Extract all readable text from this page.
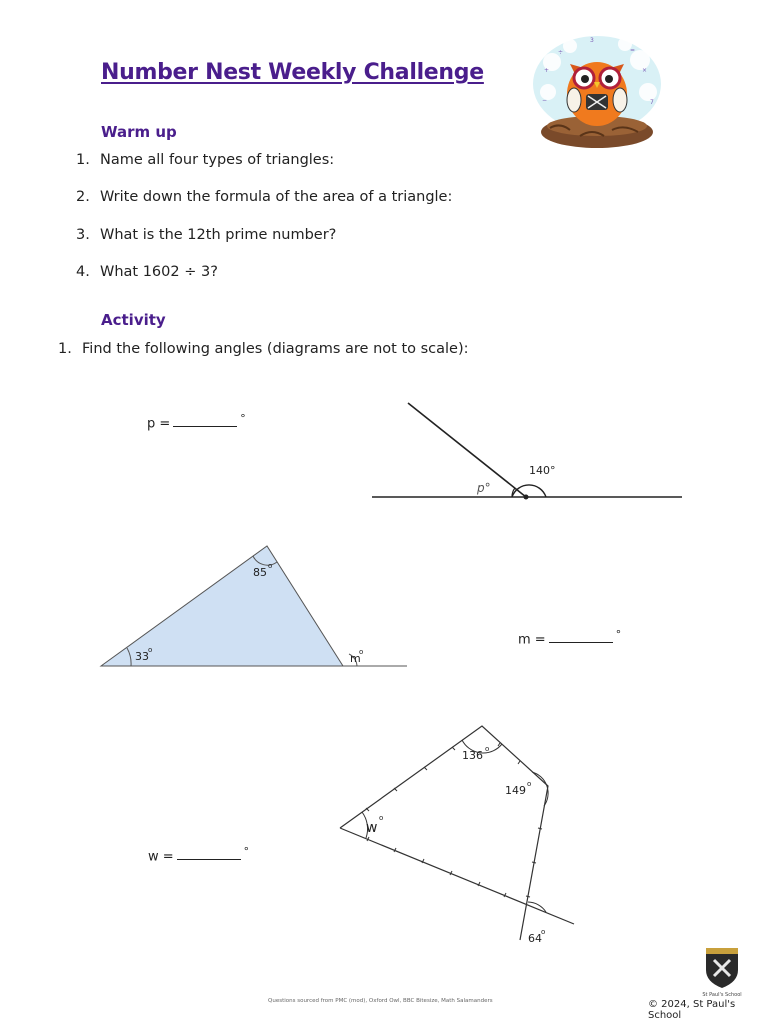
Number Nest Weekly Challenge	+	×
÷	=
−	7
3
Warm up
1. Name all four types of triangles:
2. Write down the formula of the area of a triangle:
3. What is the 12th prime number?
4. What 1602 ÷ 3?
Activity
1. Find the following angles (diagrams are not to scale):
p =	°
m =	°
w =	°
140°
p°
85 o
33 o
m
o
136 o
149 o
w
o
64 o
Questions sourced from PMC (mod), Oxford Owl, BBC Bitesize, Math Salamanders
St Paul's School
© 2024, St Paul's School
